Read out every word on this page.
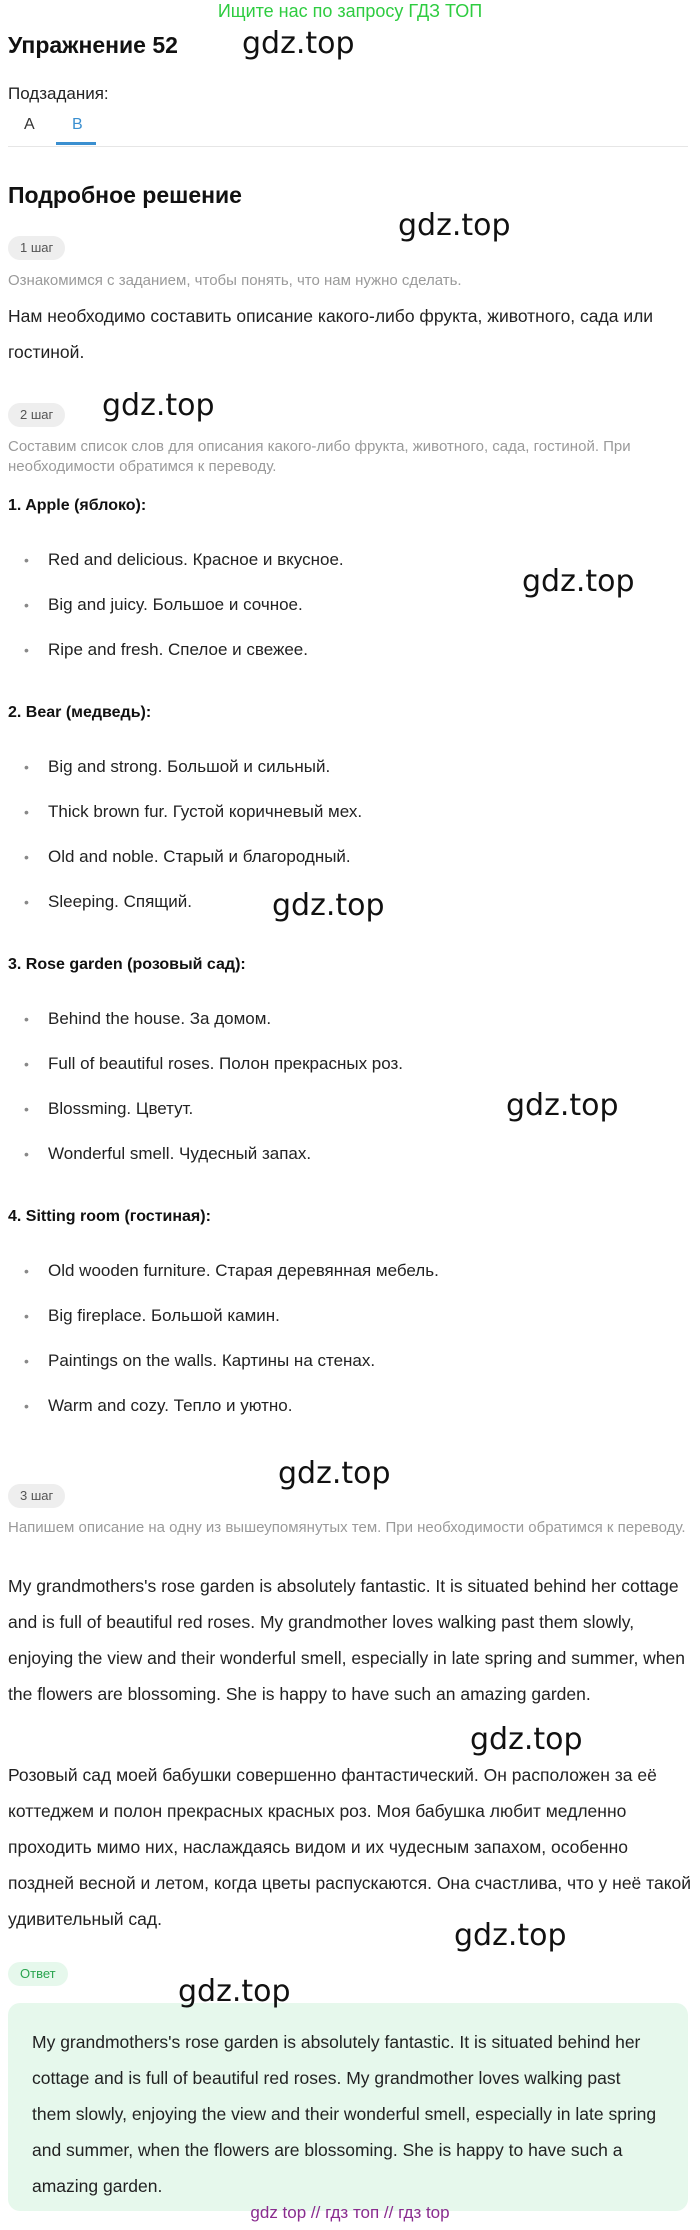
Ищите нас по запросу ГДЗ ТОП
Упражнение 52
Подзадания:
A B
Подробное решение
1 шаг
Ознакомимся с заданием, чтобы понять, что нам нужно сделать.
Нам необходимо составить описание какого-либо фрукта, животного, сада или гостиной.
2 шаг
Составим список слов для описания какого-либо фрукта, животного, сада, гостиной. При необходимости обратимся к переводу.
1. Apple (яблоко):
• Red and delicious. Красное и вкусное.
• Big and juicy. Большое и сочное.
• Ripe and fresh. Спелое и свежее.
2. Bear (медведь):
• Big and strong. Большой и сильный.
• Thick brown fur. Густой коричневый мех.
• Old and noble. Старый и благородный.
• Sleeping. Спящий.
3. Rose garden (розовый сад):
• Behind the house. За домом.
• Full of beautiful roses. Полон прекрасных роз.
• Blossming. Цветут.
• Wonderful smell. Чудесный запах.
4. Sitting room (гостиная):
• Old wooden furniture. Старая деревянная мебель.
• Big fireplace. Большой камин.
• Paintings on the walls. Картины на стенах.
• Warm and cozy. Тепло и уютно.
3 шаг
Напишем описание на одну из вышеупомянутых тем. При необходимости обратимся к переводу.
My grandmothers's rose garden is absolutely fantastic. It is situated behind her cottage and is full of beautiful red roses. My grandmother loves walking past them slowly, enjoying the view and their wonderful smell, especially in late spring and summer, when the flowers are blossoming. She is happy to have such an amazing garden.
Розовый сад моей бабушки совершенно фантастический. Он расположен за её коттеджем и полон прекрасных красных роз. Моя бабушка любит медленно проходить мимо них, наслаждаясь видом и их чудесным запахом, особенно поздней весной и летом, когда цветы распускаются. Она счастлива, что у неё такой удивительный сад.
Ответ
My grandmothers's rose garden is absolutely fantastic. It is situated behind her cottage and is full of beautiful red roses. My grandmother loves walking past them slowly, enjoying the view and their wonderful smell, especially in late spring and summer, when the flowers are blossoming. She is happy to have such a amazing garden.
gdz.top
gdz.top
gdz.top
gdz.top
gdz.top
gdz.top
gdz.top
gdz.top
gdz.top
gdz.top
gdz top // гдз топ // гдз top
